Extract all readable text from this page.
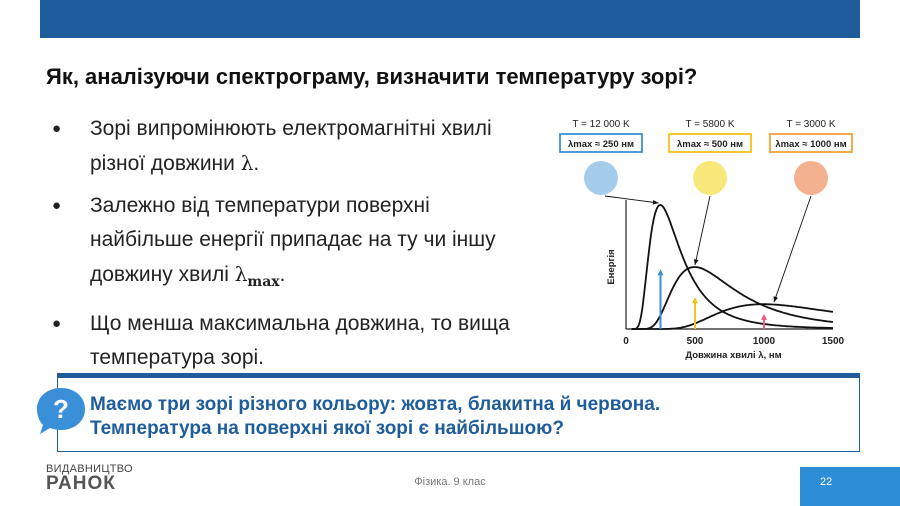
Як, аналізуючи спектрограму, визначити температуру зорі?
● Зорі випромінюють електромагнітні хвилі різної довжини λ.
● Залежно від температури поверхні найбільше енергії припадає на ту чи іншу довжину хвилі $\lambda_{max}$.
● Що менша максимальна довжина, то вища температура зорі.
T = 12 000 K
λmax ≈ 250 нм
T = 5800 K
λmax ≈ 500 нм
T = 3000 K
λmax ≈ 1000 нм
0	500	1000	1500
Довжина хвилі λ, нм
Енергія
? Маємо три зорі різного кольору: жовта, блакитна й червона.
Температура на поверхні якої зорі є найбільшою?

ВИДАВНИЦТВО
РАНОК	Фізика. 9 клас	22
